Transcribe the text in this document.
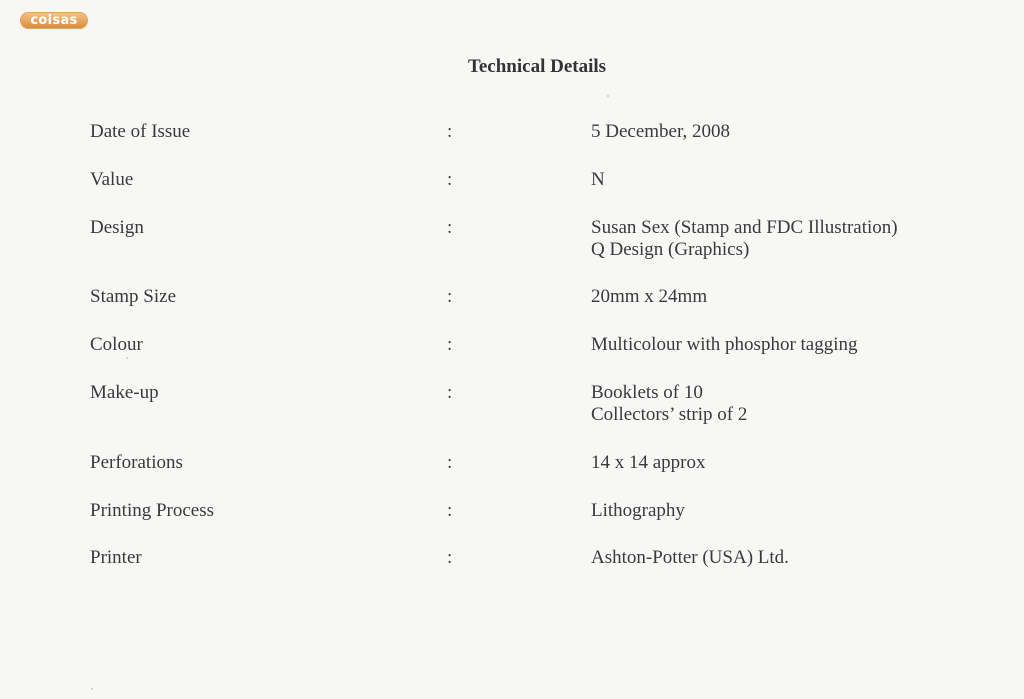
coisas
Technical Details
Date of Issue	:	5 December, 2008
Value	:	N
Design	:	Susan Sex (Stamp and FDC Illustration)
Q Design (Graphics)
Stamp Size	:	20mm x 24mm
Colour	:	Multicolour with phosphor tagging
Make-up	:	Booklets of 10
Collectors’ strip of 2
Perforations	:	14 x 14 approx
Printing Process	:	Lithography
Printer	:	Ashton-Potter (USA) Ltd.
